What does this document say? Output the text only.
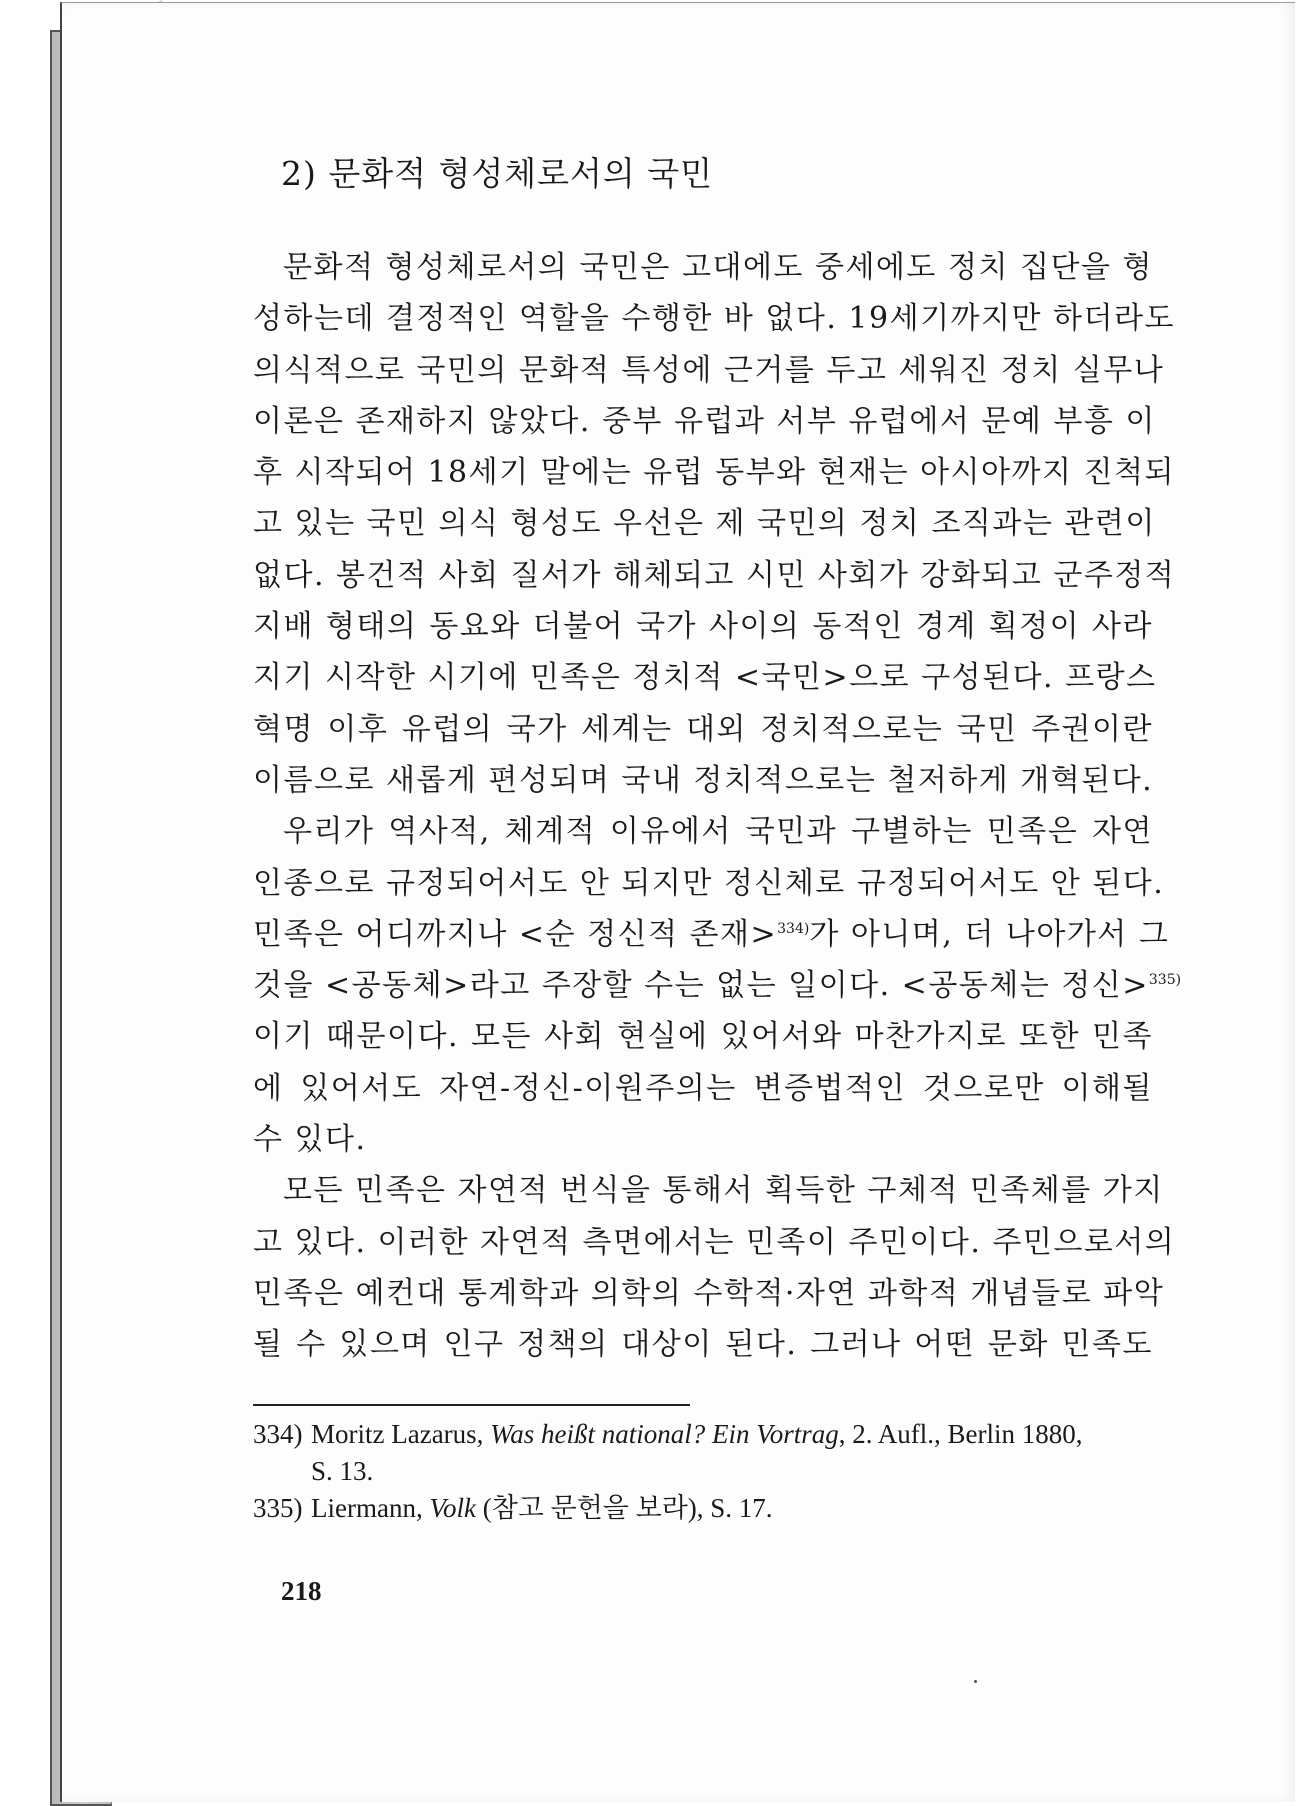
2) 문화적 형성체로서의 국민

문화적 형성체로서의 국민은 고대에도 중세에도 정치 집단을 형
성하는데 결정적인 역할을 수행한 바 없다. 19세기까지만 하더라도
의식적으로 국민의 문화적 특성에 근거를 두고 세워진 정치 실무나
이론은 존재하지 않았다. 중부 유럽과 서부 유럽에서 문예 부흥 이
후 시작되어 18세기 말에는 유럽 동부와 현재는 아시아까지 진척되
고 있는 국민 의식 형성도 우선은 제 국민의 정치 조직과는 관련이
없다. 봉건적 사회 질서가 해체되고 시민 사회가 강화되고 군주정적
지배 형태의 동요와 더불어 국가 사이의 동적인 경계 획정이 사라
지기 시작한 시기에 민족은 정치적 <국민>으로 구성된다. 프랑스
혁명 이후 유럽의 국가 세계는 대외 정치적으로는 국민 주권이란
이름으로 새롭게 편성되며 국내 정치적으로는 철저하게 개혁된다.

우리가 역사적, 체계적 이유에서 국민과 구별하는 민족은 자연
인종으로 규정되어서도 안 되지만 정신체로 규정되어서도 안 된다.
민족은 어디까지나 <순 정신적 존재>$^{334)}$가 아니며, 더 나아가서 그
것을 <공동체>라고 주장할 수는 없는 일이다. <공동체는 정신>$^{335)}$
이기 때문이다. 모든 사회 현실에 있어서와 마찬가지로 또한 민족
에 있어서도 자연-정신-이원주의는 변증법적인 것으로만 이해될
수 있다.

모든 민족은 자연적 번식을 통해서 획득한 구체적 민족체를 가지
고 있다. 이러한 자연적 측면에서는 민족이 주민이다. 주민으로서의
민족은 예컨대 통계학과 의학의 수학적·자연 과학적 개념들로 파악
될 수 있으며 인구 정책의 대상이 된다. 그러나 어떤 문화 민족도

334) Moritz Lazarus, Was heißt national? Ein Vortrag, 2. Aufl., Berlin 1880,
S. 13.
335) Liermann, Volk (참고 문헌을 보라), S. 17.
218
